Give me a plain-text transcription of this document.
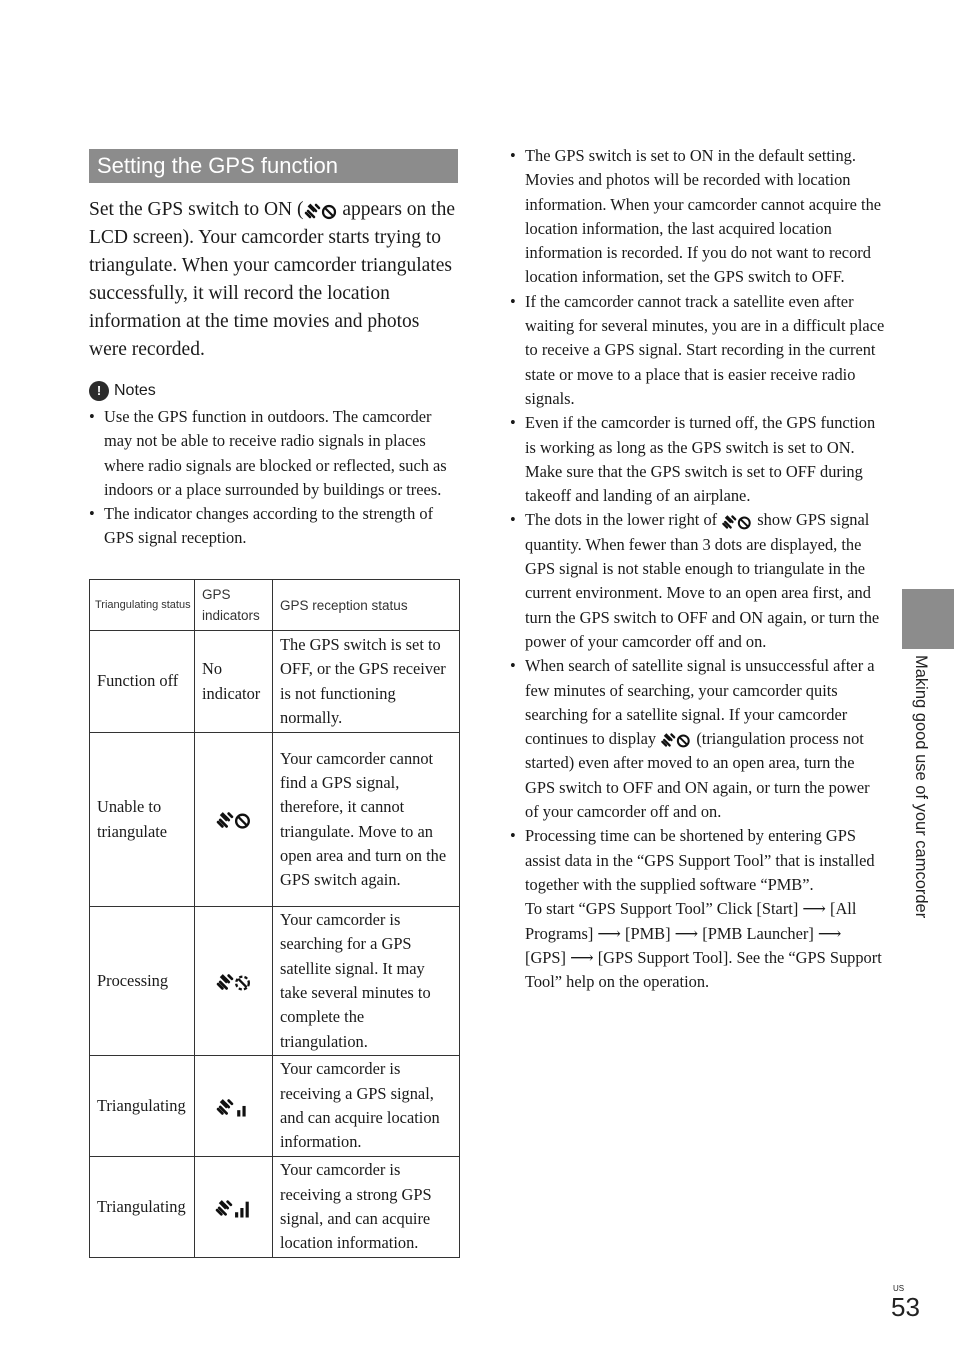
Setting the GPS function

Set the GPS switch to ON ( appears on the LCD screen). Your camcorder starts trying to triangulate. When your camcorder triangulates successfully, it will record the location information at the time movies and photos were recorded.

! Notes
• Use the GPS function in outdoors. The camcorder may not be able to receive radio signals in places where radio signals are blocked or reflected, such as indoors or a place surrounded by buildings or trees.
• The indicator changes according to the strength of GPS signal reception.
Triangulating status	GPS indicators	GPS reception status
Function off	No indicator	The GPS switch is set to OFF, or the GPS receiver is not functioning normally.
Unable to triangulate		Your camcorder cannot find a GPS signal, therefore, it cannot triangulate. Move to an open area and turn on the GPS switch again.
Processing		Your camcorder is searching for a GPS satellite signal. It may take several minutes to complete the triangulation.
Triangulating		Your camcorder is receiving a GPS signal, and can acquire location information.
Triangulating		Your camcorder is receiving a strong GPS signal, and can acquire location information.
• The GPS switch is set to ON in the default setting. Movies and photos will be recorded with location information. When your camcorder cannot acquire the location information, the last acquired location information is recorded. If you do not want to record location information, set the GPS switch to OFF.
• If the camcorder cannot track a satellite even after waiting for several minutes, you are in a difficult place to receive a GPS signal. Start recording in the current state or move to a place that is easier receive radio signals.
• Even if the camcorder is turned off, the GPS function is working as long as the GPS switch is set to ON. Make sure that the GPS switch is set to OFF during takeoff and landing of an airplane.
• The dots in the lower right of  show GPS signal quantity. When fewer than 3 dots are displayed, the GPS signal is not stable enough to triangulate in the current environment. Move to an open area first, and turn the GPS switch to OFF and ON again, or turn the power of your camcorder off and on.
• When search of satellite signal is unsuccessful after a few minutes of searching, your camcorder quits searching for a satellite signal. If your camcorder continues to display  (triangulation process not started) even after moved to an open area, turn the GPS switch to OFF and ON again, or turn the power of your camcorder off and on.
• Processing time can be shortened by entering GPS assist data in the “GPS Support Tool” that is installed together with the supplied software “PMB”.
To start “GPS Support Tool” Click [Start] ⟶ [All Programs] ⟶ [PMB] ⟶ [PMB Launcher] ⟶ [GPS] ⟶ [GPS Support Tool]. See the “GPS Support Tool” help on the operation.
Making good use of your camcorder
US
53
